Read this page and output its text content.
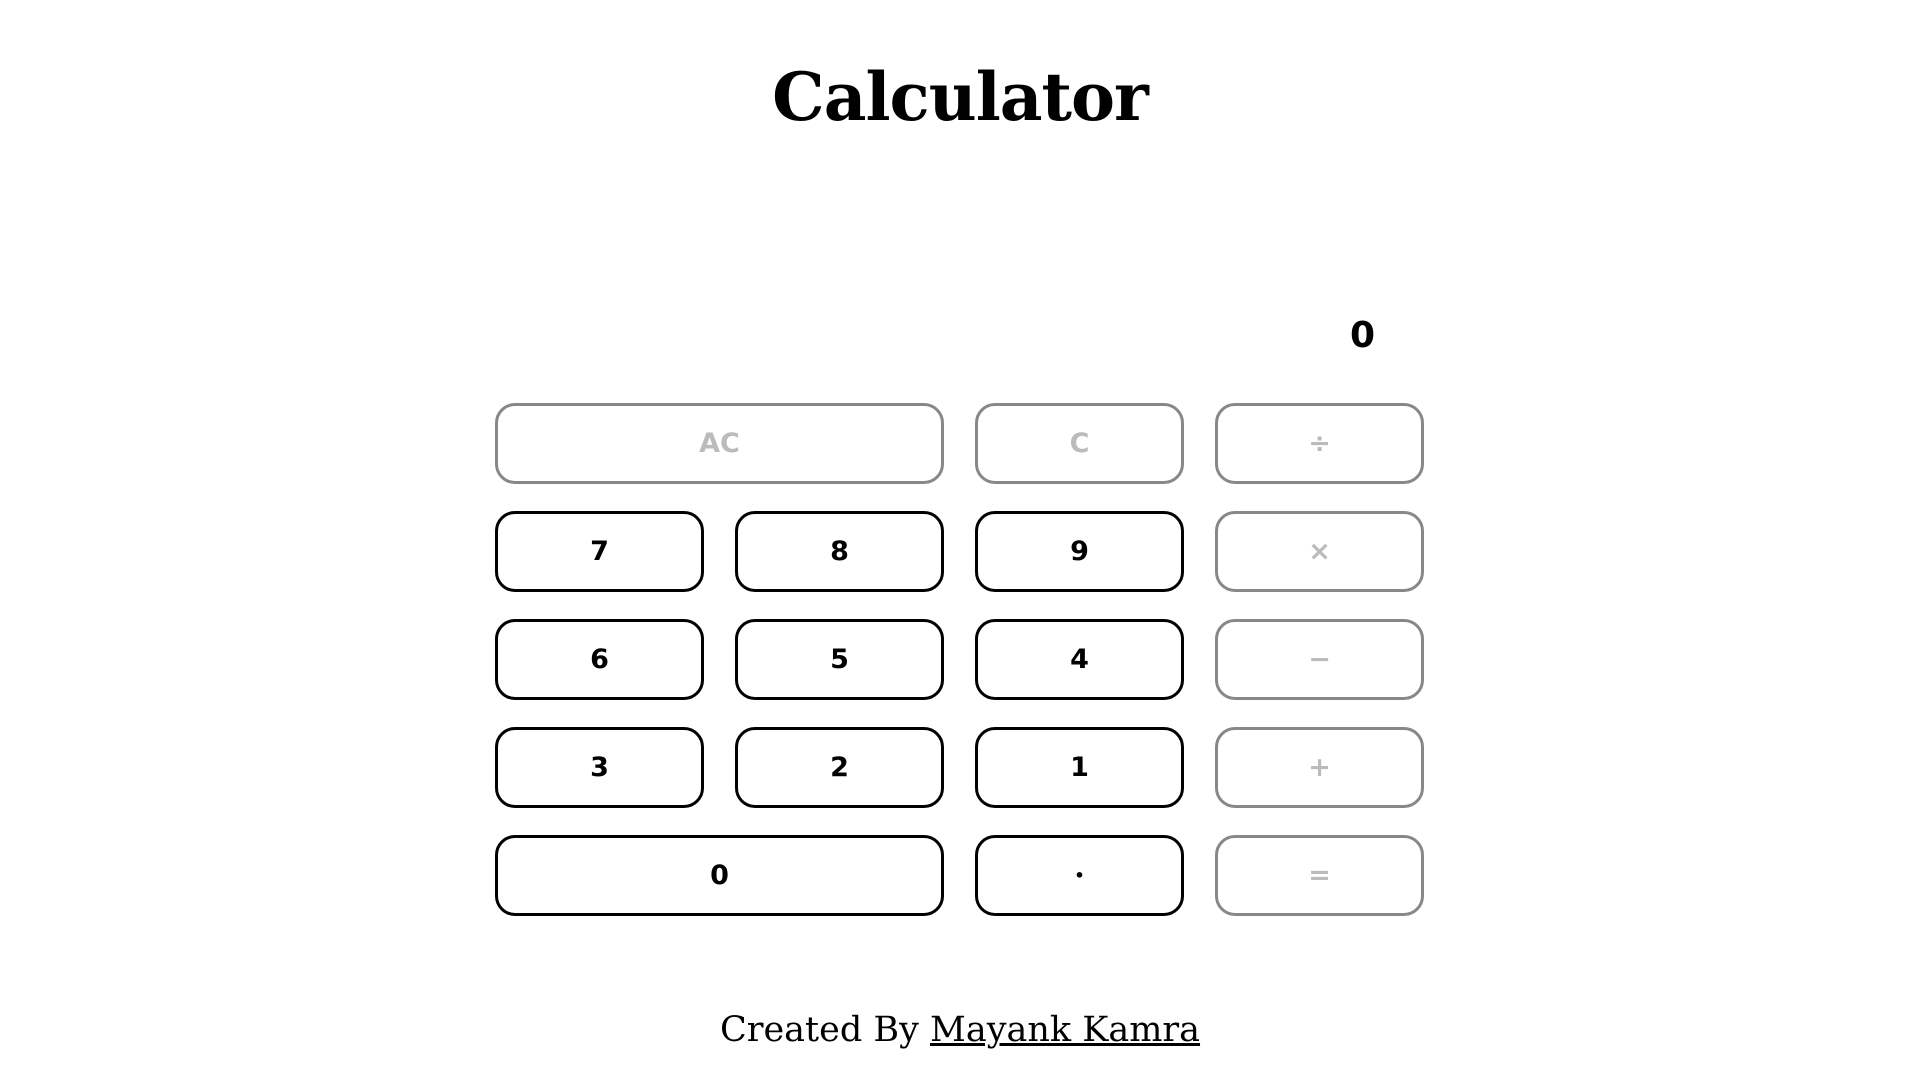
Calculator
0
AC	C	÷
7	8	9	×
6	5	4	−
3	2	1	+
0	•	=
Created By Mayank Kamra
